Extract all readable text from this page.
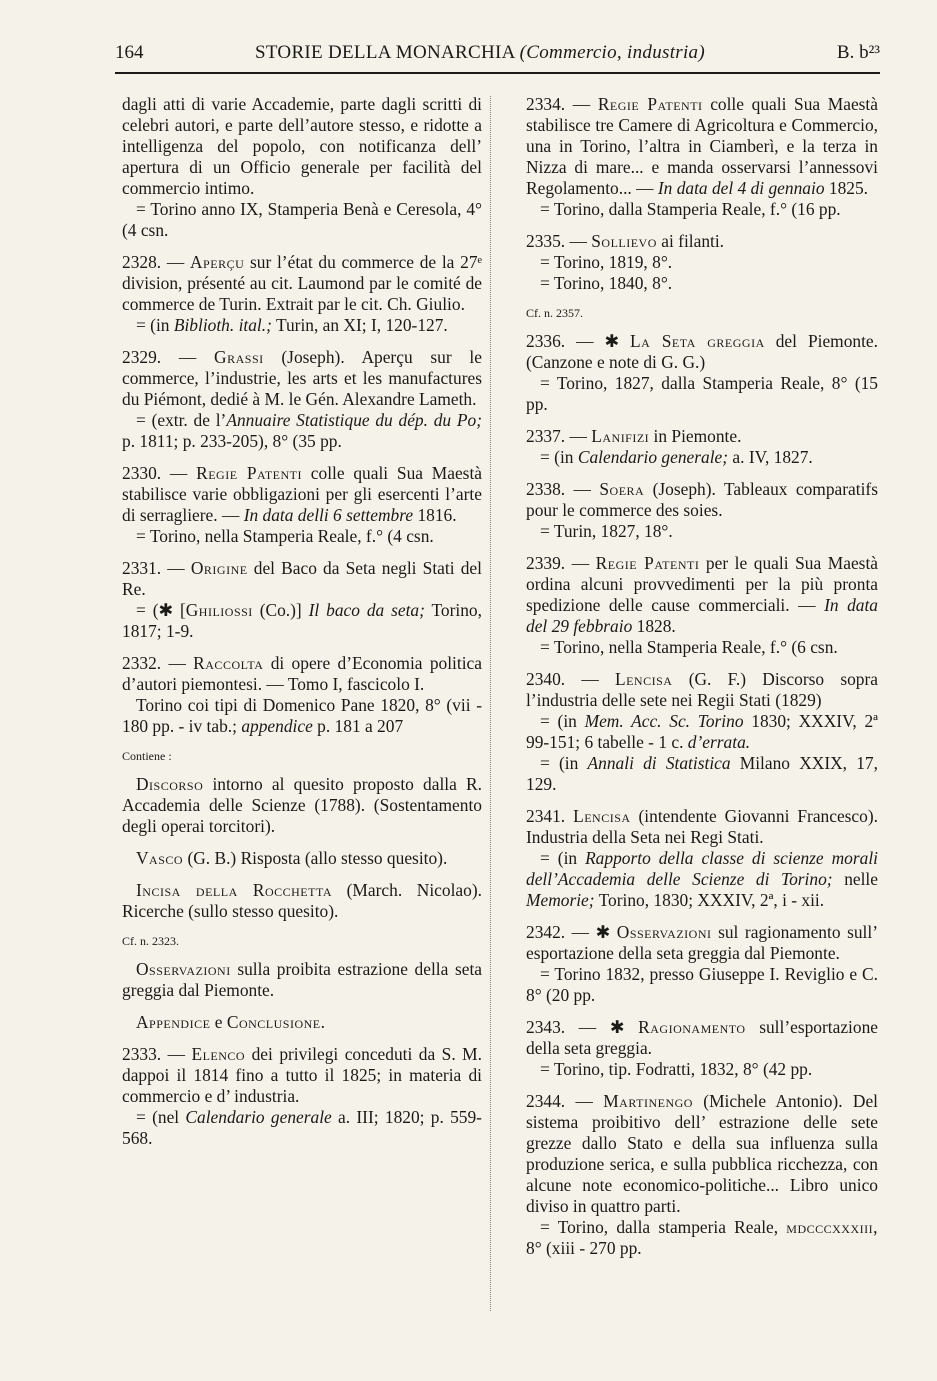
164	STORIE DELLA MONARCHIA (Commercio, industria)	B. b²³

dagli atti di varie Accademie, parte dagli scritti di celebri autori, e parte dell’autore stesso, e ridotte a intelligenza del popolo, con notificanza dell’ apertura di un Officio generale per facilità del commercio intimo.

= Torino anno IX, Stamperia Benà e Ceresola, 4° (4 csn.

2328. — Aperçu sur l’état du commerce de la 27ᵉ division, présenté au cit. Laumond par le comité de commerce de Turin. Extrait par le cit. Ch. Giulio.

= (in Biblioth. ital.; Turin, an XI; I, 120-127.

2329. — Grassi (Joseph). Aperçu sur le commerce, l’industrie, les arts et les manufactures du Piémont, dedié à M. le Gén. Alexandre Lameth.

= (extr. de l’Annuaire Statistique du dép. du Po; p. 1811; p. 233-205), 8° (35 pp.

2330. — Regie Patenti colle quali Sua Maestà stabilisce varie obbligazioni per gli esercenti l’arte di serragliere. — In data delli 6 settembre 1816.

= Torino, nella Stamperia Reale, f.° (4 csn.

2331. — Origine del Baco da Seta negli Stati del Re.

= (✱ [Ghiliossi (Co.)] Il baco da seta; Torino, 1817; 1-9.

2332. — Raccolta di opere d’Economia politica d’autori piemontesi. — Tomo I, fascicolo I.

Torino coi tipi di Domenico Pane 1820, 8° (vii - 180 pp. - iv tab.; appendice p. 181 a 207

Contiene :

Discorso intorno al quesito proposto dalla R. Accademia delle Scienze (1788). (Sostentamento degli operai torcitori).

Vasco (G. B.) Risposta (allo stesso quesito).

Incisa della Rocchetta (March. Nicolao). Ricerche (sullo stesso quesito).

Cf. n. 2323.

Osservazioni sulla proibita estrazione della seta greggia dal Piemonte.

Appendice e Conclusione.

2333. — Elenco dei privilegi conceduti da S. M. dappoi il 1814 fino a tutto il 1825; in materia di commercio e d’ industria.

= (nel Calendario generale a. III; 1820; p. 559-568.

2334. — Regie Patenti colle quali Sua Maestà stabilisce tre Camere di Agricoltura e Commercio, una in Torino, l’altra in Ciamberì, e la terza in Nizza di mare... e manda osservarsi l’annessovi Regolamento... — In data del 4 di gennaio 1825.

= Torino, dalla Stamperia Reale, f.° (16 pp.

2335. — Sollievo ai filanti.

= Torino, 1819, 8°.

= Torino, 1840, 8°.

Cf. n. 2357.

2336. — ✱ La Seta greggia del Piemonte. (Canzone e note di G. G.)

= Torino, 1827, dalla Stamperia Reale, 8° (15 pp.

2337. — Lanifizi in Piemonte.

= (in Calendario generale; a. IV, 1827.

2338. — Soera (Joseph). Tableaux comparatifs pour le commerce des soies.

= Turin, 1827, 18°.

2339. — Regie Patenti per le quali Sua Maestà ordina alcuni provvedimenti per la più pronta spedizione delle cause commerciali. — In data del 29 febbraio 1828.

= Torino, nella Stamperia Reale, f.° (6 csn.

2340. — Lencisa (G. F.) Discorso sopra l’industria delle sete nei Regii Stati (1829)

= (in Mem. Acc. Sc. Torino 1830; XXXIV, 2ª 99-151; 6 tabelle - 1 c. d’errata.

= (in Annali di Statistica Milano XXIX, 17, 129.

2341. Lencisa (intendente Giovanni Francesco). Industria della Seta nei Regi Stati.

= (in Rapporto della classe di scienze morali dell’Accademia delle Scienze di Torino; nelle Memorie; Torino, 1830; XXXIV, 2ª, i - xii.

2342. — ✱ Osservazioni sul ragionamento sull’ esportazione della seta greggia dal Piemonte.

= Torino 1832, presso Giuseppe I. Reviglio e C. 8° (20 pp.

2343. — ✱ Ragionamento sull’esportazione della seta greggia.

= Torino, tip. Fodratti, 1832, 8° (42 pp.

2344. — Martinengo (Michele Antonio). Del sistema proibitivo dell’ estrazione delle sete grezze dallo Stato e della sua influenza sulla produzione serica, e sulla pubblica ricchezza, con alcune note economico-politiche... Libro unico diviso in quattro parti.

= Torino, dalla stamperia Reale, mdcccxxxiii, 8° (xiii - 270 pp.
